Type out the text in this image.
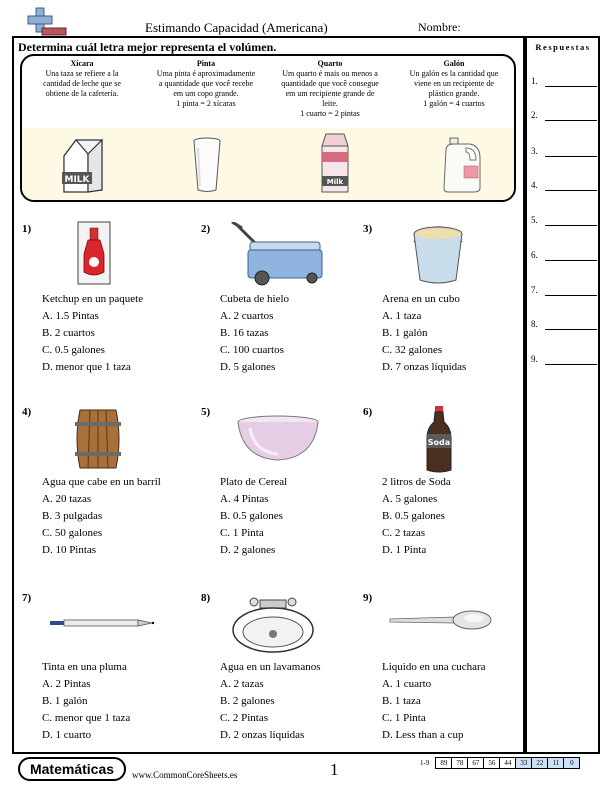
Estimando Capacidad (Americana)	Nombre:
Determina cuál letra mejor representa el volúmen.
Xícara
Una taza se refiere a la
cantidad de leche que se
obtiene de la cafetería.
Pinta
Uma pinta é aproximadamente
a quantidade que você recebe
em um copo grande.
1 pinta = 2 xícaras
Quarto
Um quarto é mais ou menos a
quantidade que você consegue
em um recipiente grande de
leite.
1 cuarto = 2 pintas
Galón
Un galón es la cantidad que
viene en un recipiente de
plástico grande.
1 galón = 4 cuartos
MILK	Milk
1)
Ketchup en un paquete
A. 1.5 Pintas
B. 2 cuartos
C. 0.5 galones
D. menor que 1 taza
2)
Cubeta de hielo
A. 2 cuartos
B. 16 tazas
C. 100 cuartos
D. 5 galones
3)
Arena en un cubo
A. 1 taza
B. 1 galón
C. 32 galones
D. 7 onzas líquidas
4)
Agua que cabe en un barril
A. 20 tazas
B. 3 pulgadas
C. 50 galones
D. 10 Pintas
5)
Plato de Cereal
A. 4 Pintas
B. 0.5 galones
C. 1 Pinta
D. 2 galones
6)
Soda
2 litros de Soda
A. 5 galones
B. 0.5 galones
C. 2 tazas
D. 1 Pinta
7)
Tinta en una pluma
A. 2 Pintas
B. 1 galón
C. menor que 1 taza
D. 1 cuarto
8)
Agua en un lavamanos
A. 2 tazas
B. 2 galones
C. 2 Pintas
D. 2 onzas líquidas
9)
Liquido en una cuchara
A. 1 cuarto
B. 1 taza
C. 1 Pinta
D. Less than a cup
Respuestas
1.
2.
3.
4.
5.
6.
7.
8.
9.
Matemáticas	www.CommonCoreSheets.es	1	1-9	89	78	67	56	44	33	22	11	0
